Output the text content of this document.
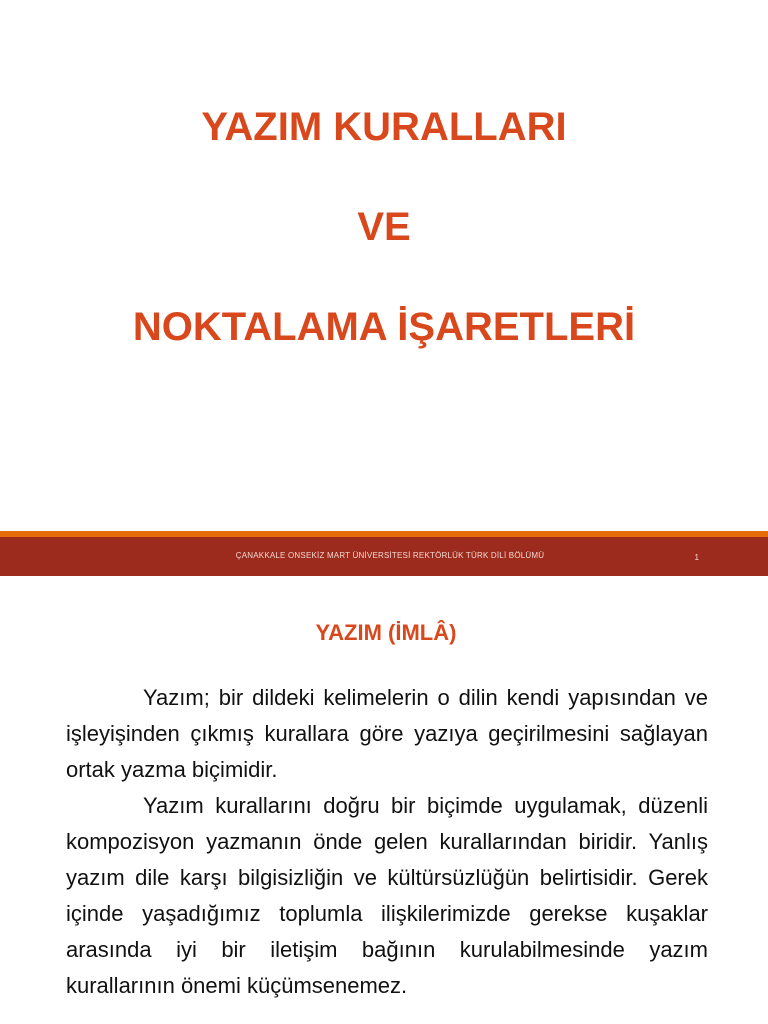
YAZIM KURALLARI
VE
NOKTALAMA İŞARETLERİ
ÇANAKKALE ONSEKİZ MART ÜNİVERSİTESİ REKTÖRLÜK TÜRK DİLİ BÖLÜMÜ	1
YAZIM (İMLÂ)

Yazım; bir dildeki kelimelerin o dilin kendi yapısından ve işleyişinden çıkmış kurallara göre yazıya geçirilmesini sağlayan ortak yazma biçimidir.

Yazım kurallarını doğru bir biçimde uygulamak, düzenli kompozisyon yazmanın önde gelen kurallarından biridir. Yanlış yazım dile karşı bilgisizliğin ve kültürsüzlüğün belirtisidir. Gerek içinde yaşadığımız toplumla ilişkilerimizde gerekse kuşaklar arasında iyi bir iletişim bağının kurulabilmesinde yazım kurallarının önemi küçümsenemez.
